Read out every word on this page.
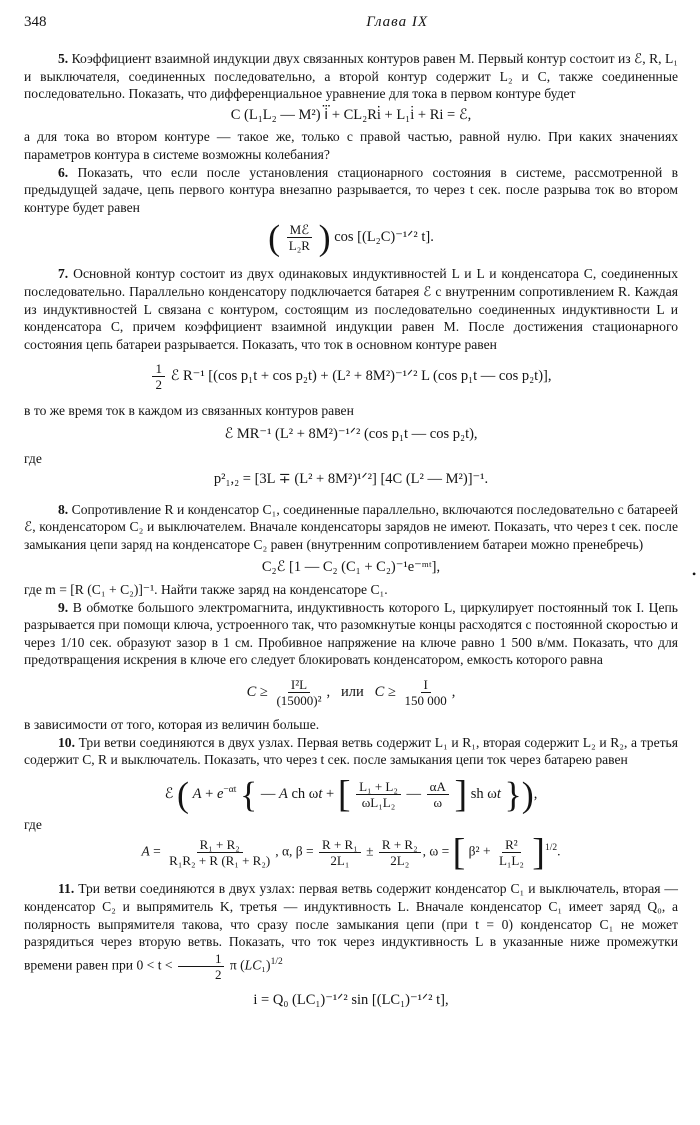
348	Глава IX

5. Коэффициент взаимной индукции двух связанных контуров равен M. Первый контур состоит из ℰ, R, L₁ и выключателя, соединенных последовательно, а второй контур содержит L₂ и C, также соединенные последовательно. Показать, что дифференциальное уравнение для тока в первом контуре будет

C (L₁L₂ — M²) i⃛ + CL₂Ri̇̇ + L₁i̇ + Ri = ℰ,

а для тока во втором контуре — такое же, только с правой частью, равной нулю. При каких значениях параметров контура в системе возможны колебания?

6. Показать, что если после установления стационарного состояния в системе, рассмотренной в предыдущей задаче, цепь первого контура внезапно разрывается, то через t сек. после разрыва ток во втором контуре будет равен

( $\frac{\text{Mℰ}}{\text{L₂R}}$ ) cos [(L₂C)⁻¹ᐟ² t].

7. Основной контур состоит из двух одинаковых индуктивностей L и L и конденсатора C, соединенных последовательно. Параллельно конденсатору подключается батарея ℰ с внутренним сопротивлением R. Каждая из индуктивностей L связана с контуром, состоящим из последовательно соединенных индуктивности L и конденсатора C, причем коэффициент взаимной индукции равен M. После достижения стационарного состояния цепь батареи разрывается. Показать, что ток в основном контуре равен

$\frac{1}{2}$ ℰ R⁻¹ [(cos p₁t + cos p₂t) + (L² + 8M²)⁻¹ᐟ² L (cos p₁t — cos p₂t)],

в то же время ток в каждом из связанных контуров равен

ℰ MR⁻¹ (L² + 8M²)⁻¹ᐟ² (cos p₁t — cos p₂t),

где

p²₁,₂ = [3L ∓ (L² + 8M²)¹ᐟ²] [4C (L² — M²)]⁻¹.

8. Сопротивление R и конденсатор C₁, соединенные параллельно, включаются последовательно с батареей ℰ, конденсатором C₂ и выключателем. Вначале конденсаторы зарядов не имеют. Показать, что через t сек. после замыкания цепи заряд на конденсаторе C₂ равен (внутренним сопротивлением батареи можно пренебречь)

C₂ℰ [1 — C₂ (C₁ + C₂)⁻¹e⁻ᵐᵗ],

где m = [R (C₁ + C₂)]⁻¹. Найти также заряд на конденсаторе C₁.

9. В обмотке большого электромагнита, индуктивность которого L, циркулирует постоянный ток I. Цепь разрывается при помощи ключа, устроенного так, что разомкнутые концы расходятся с постоянной скоростью и через 1/10 сек. образуют зазор в 1 см. Пробивное напряжение на ключе равно 1 500 в/мм. Показать, что для предотвращения искрения в ключе его следует блокировать конденсатором, емкость которого равна

$C \ge \frac{\text{I²L}}{\text{(15000)²}}$ ,   или $C \ge \frac{I}{150 000}$ ,

в зависимости от того, которая из величин больше.

10. Три ветви соединяются в двух узлах. Первая ветвь содержит L₁ и R₁, вторая содержит L₂ и R₂, а третья содержит C, R и выключатель. Показать, что через t сек. после замыкания цепи ток через батарею равен

ℰ ( $A + e^{-\alpha t}$ { — A ch ωt + [ $\frac{\text{L₁ + L₂}}{\text{ωL₁L₂}}$ — $\frac{\alpha A}{\omega}$ ] sh ωt }),

где

$A = \frac{\text{R₁ + R₂}}{\text{R₁R₂ + R (R₁ + R₂)}}$ , α, $\beta = \frac{\text{R + R₁}}{\text{2L₁}} \pm \frac{\text{R + R₂}}{\text{2L₂}}$ , ω = [ $\beta^2 + \frac{\text{R²}}{\text{L₁L₂}} ]^{1/2}$.

11. Три ветви соединяются в двух узлах: первая ветвь содержит конденсатор C₁ и выключатель, вторая — конденсатор C₂ и выпрямитель K, третья — индуктивность L. Вначале конденсатор C₁ имеет заряд Q₀, а полярность выпрямителя такова, что сразу после замыкания цепи (при t = 0) конденсатор C₁ не может разрядиться через вторую ветвь. Показать, что ток через индуктивность L в указанные ниже промежутки времени равен при $0 < t < \frac{1}{2}$ π $(LC_1)^{1/2}$

i = Q₀ (LC₁)⁻¹ᐟ² sin [(LC₁)⁻¹ᐟ² t],
•
